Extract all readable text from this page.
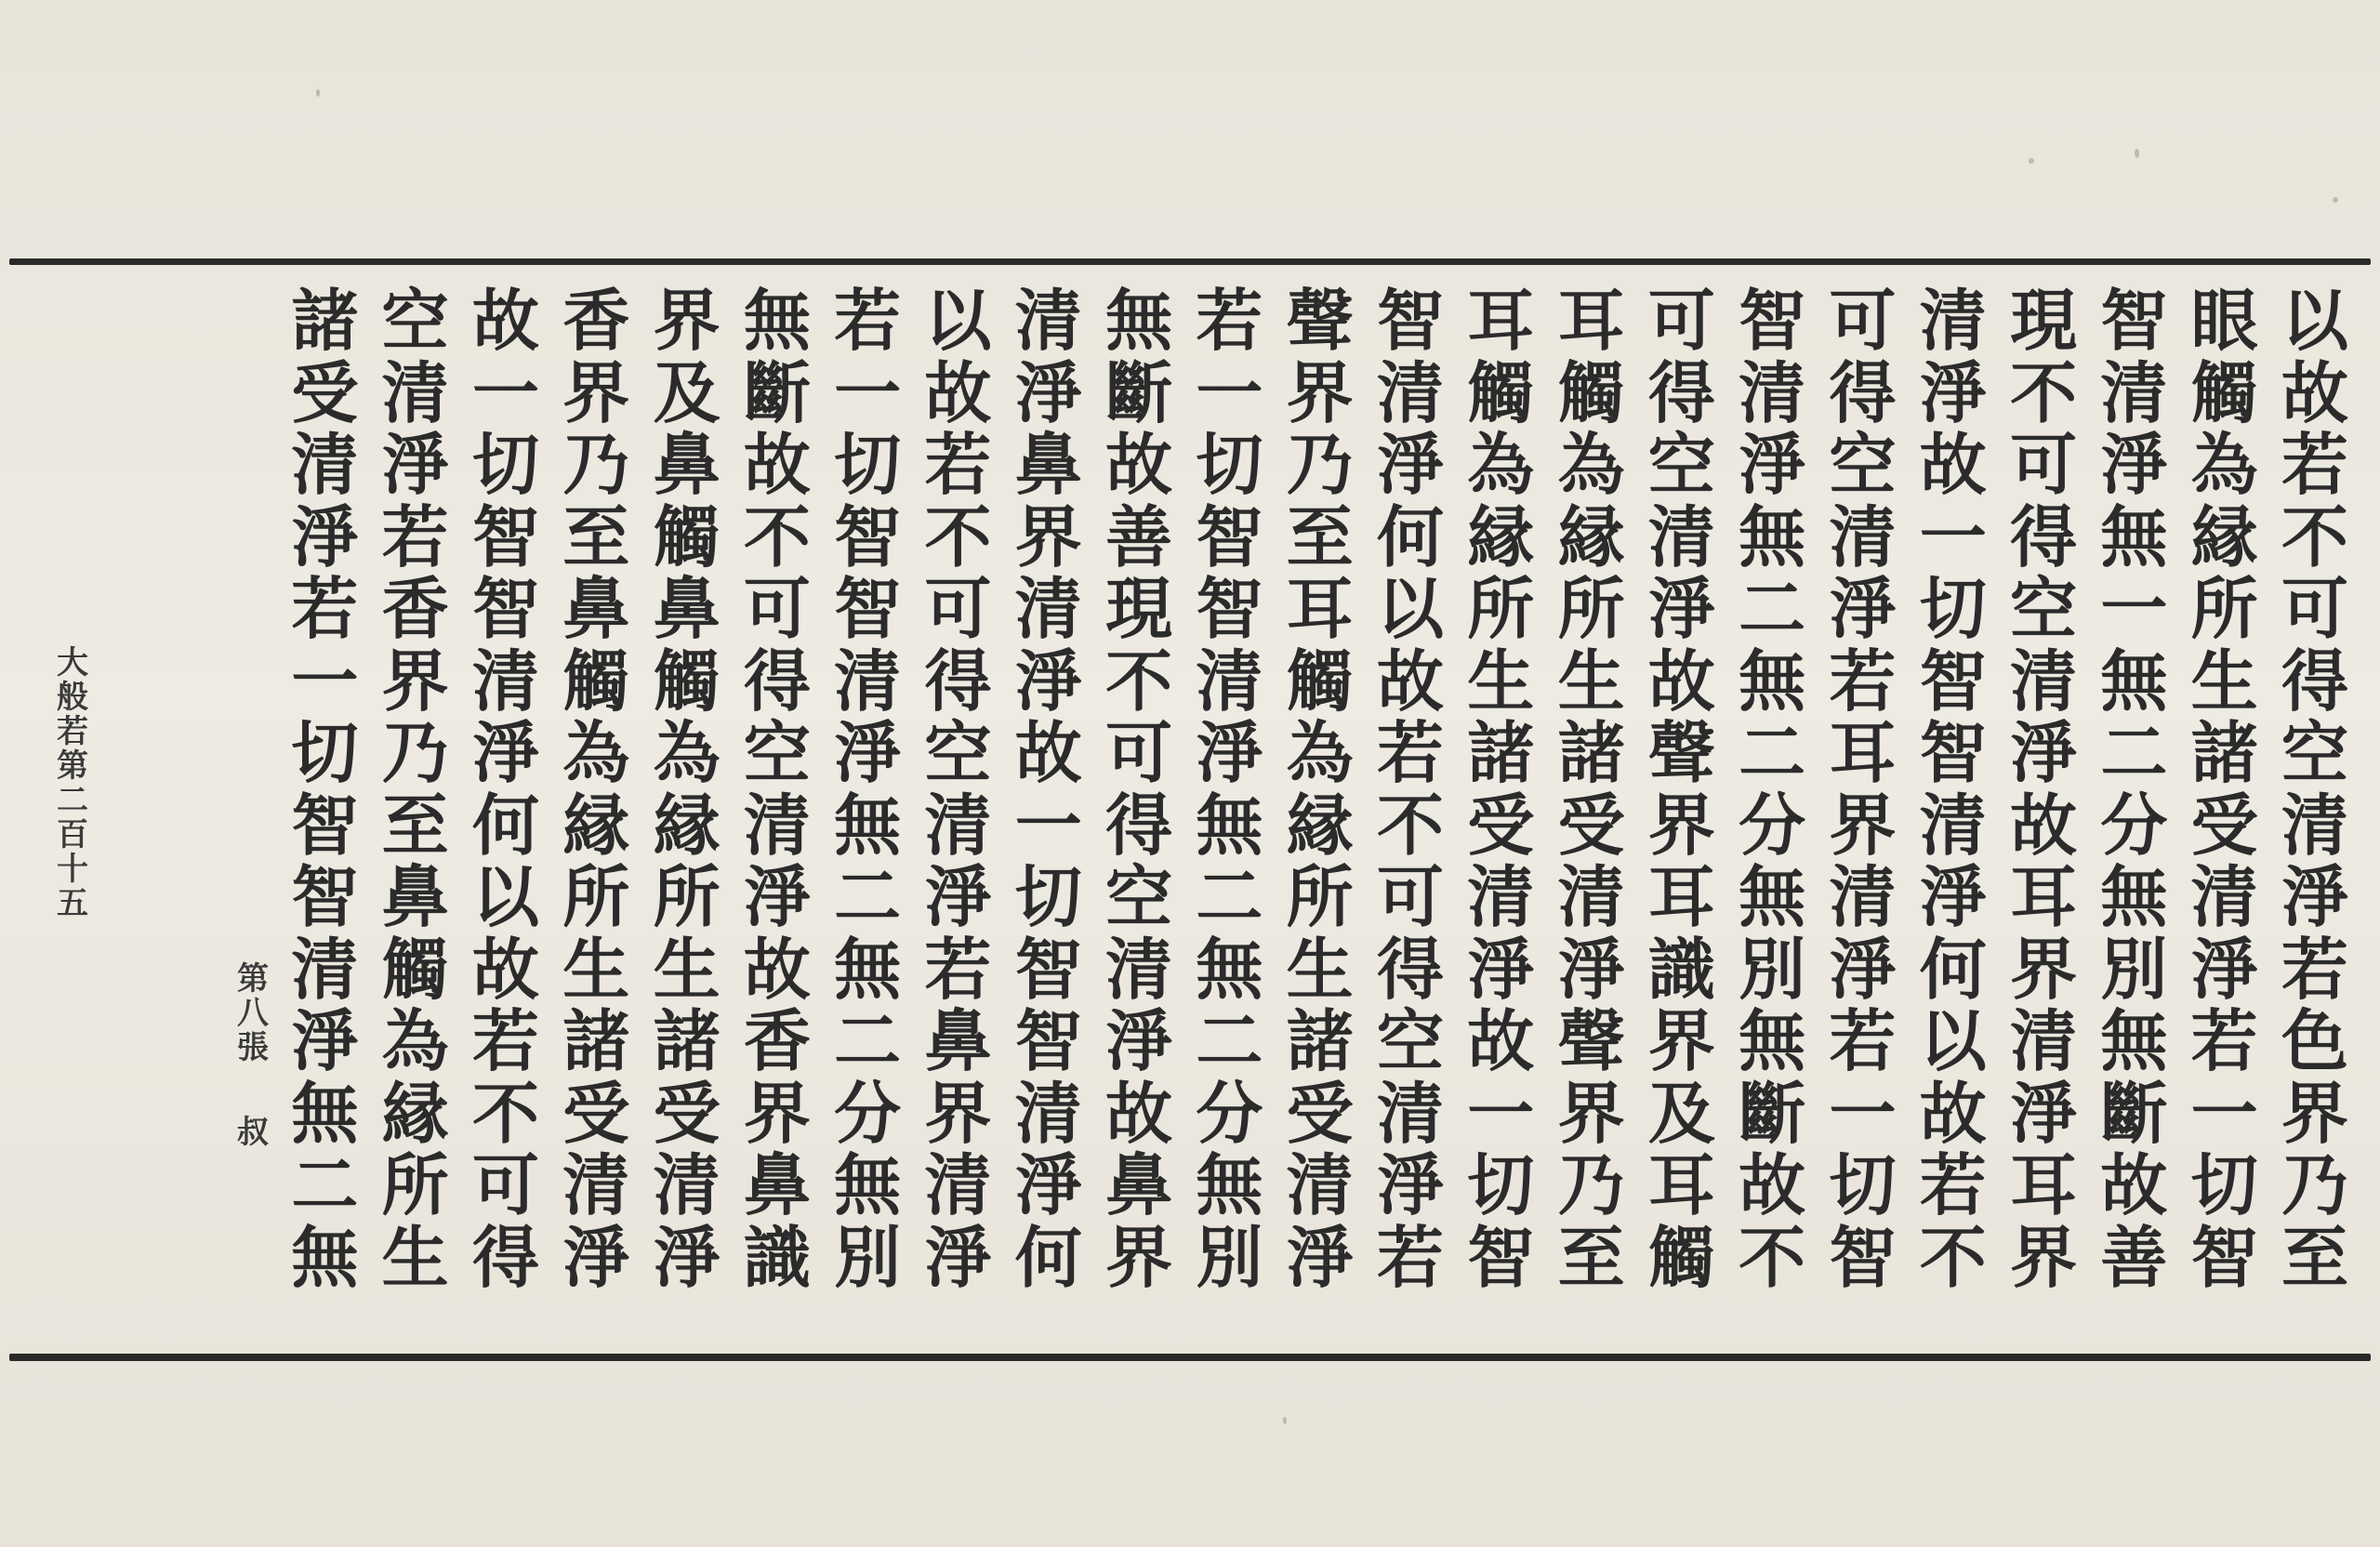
以
故
若
不
可
得
空
清
淨
若
色
界
乃
至
眼
觸
為
縁
所
生
諸
受
清
淨
若
一
切
智
智
清
淨
無
一
無
二
分
無
別
無
斷
故
善
現
不
可
得
空
清
淨
故
耳
界
清
淨
耳
界
清
淨
故
一
切
智
智
清
淨
何
以
故
若
不
可
得
空
清
淨
若
耳
界
清
淨
若
一
切
智
智
清
淨
無
二
無
二
分
無
別
無
斷
故
不
可
得
空
清
淨
故
聲
界
耳
識
界
及
耳
觸
耳
觸
為
縁
所
生
諸
受
清
淨
聲
界
乃
至
耳
觸
為
縁
所
生
諸
受
清
淨
故
一
切
智
智
清
淨
何
以
故
若
不
可
得
空
清
淨
若
聲
界
乃
至
耳
觸
為
縁
所
生
諸
受
清
淨
若
一
切
智
智
清
淨
無
二
無
二
分
無
別
無
斷
故
善
現
不
可
得
空
清
淨
故
鼻
界
清
淨
鼻
界
清
淨
故
一
切
智
智
清
淨
何
以
故
若
不
可
得
空
清
淨
若
鼻
界
清
淨
若
一
切
智
智
清
淨
無
二
無
二
分
無
別
無
斷
故
不
可
得
空
清
淨
故
香
界
鼻
識
界
及
鼻
觸
鼻
觸
為
縁
所
生
諸
受
清
淨
香
界
乃
至
鼻
觸
為
縁
所
生
諸
受
清
淨
故
一
切
智
智
清
淨
何
以
故
若
不
可
得
空
清
淨
若
香
界
乃
至
鼻
觸
為
縁
所
生
諸
受
清
淨
若
一
切
智
智
清
淨
無
二
無
大
般
若
第
二
百
十
五
第
八
張
叔
